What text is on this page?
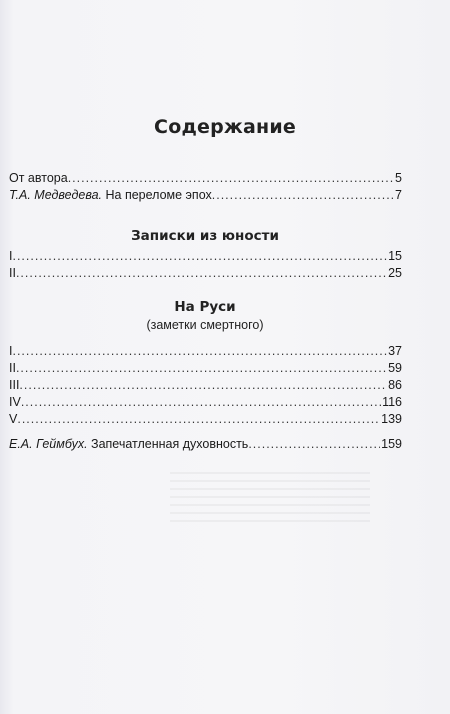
Содержание
От автора .....	5
Т.А. Медведева. На переломе эпох .....	7
Записки из юности
I .....	15
II .....	25
На Руси
(заметки смертного)
I .....	37
II .....	59
III .....	86
IV .....	116
V .....	139
Е.А. Геймбух. Запечатленная духовность .....	159
